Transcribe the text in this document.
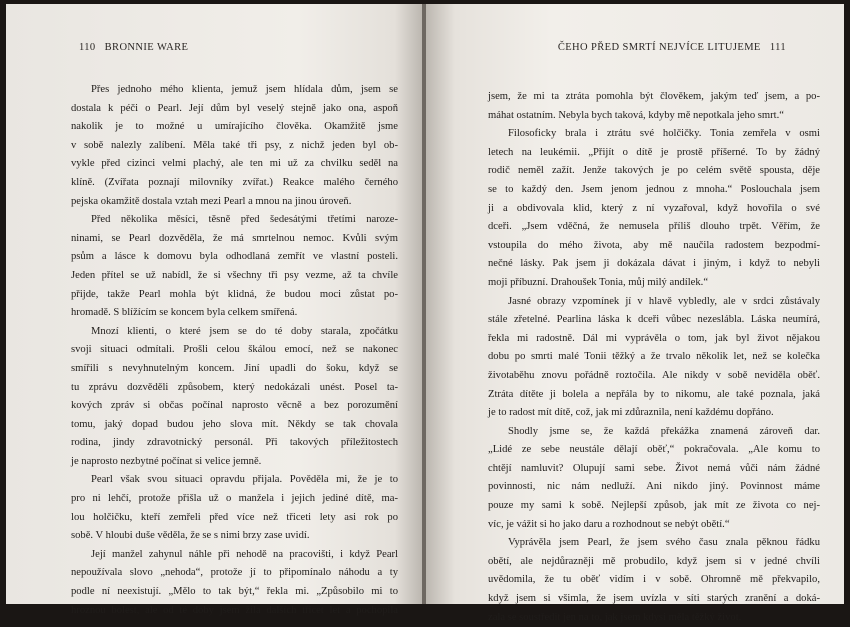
110 BRONNIE WARE
Přes jednoho mého klienta, jemuž jsem hlídala dům, jsem se
dostala k péči o Pearl. Její dům byl veselý stejně jako ona, aspoň
nakolik je to možné u umírajícího člověka. Okamžitě jsme
v sobě nalezly zalíbení. Měla také tři psy, z nichž jeden byl ob-
vykle před cizinci velmi plachý, ale ten mi už za chvilku seděl na
klíně. (Zvířata poznají milovníky zvířat.) Reakce malého černého
pejska okamžitě dostala vztah mezi Pearl a mnou na jinou úroveň.
Před několika měsíci, těsně před šedesátými třetími naroze-
ninami, se Pearl dozvěděla, že má smrtelnou nemoc. Kvůli svým
psům a lásce k domovu byla odhodlaná zemřít ve vlastní posteli.
Jeden přítel se už nabídl, že si všechny tři psy vezme, až ta chvíle
přijde, takže Pearl mohla být klidná, že budou moci zůstat po-
hromadě. S blížícím se koncem byla celkem smířená.
Mnozí klienti, o které jsem se do té doby starala, zpočátku
svoji situaci odmítali. Prošli celou škálou emocí, než se nakonec
smířili s nevyhnutelným koncem. Jiní upadli do šoku, když se
tu zprávu dozvěděli způsobem, který nedokázali unést. Posel ta-
kových zpráv si občas počínal naprosto věcně a bez porozumění
tomu, jaký dopad budou jeho slova mít. Někdy se tak chovala
rodina, jindy zdravotnický personál. Při takových příležitostech
je naprosto nezbytné počínat si velice jemně.
Pearl však svou situaci opravdu přijala. Pověděla mi, že je to
pro ni lehčí, protože přišla už o manžela i jejich jediné dítě, ma-
lou holčičku, kteří zemřeli před více než třiceti lety asi rok po
sobě. V hloubi duše věděla, že se s nimi brzy zase uvidí.
Její manžel zahynul náhle při nehodě na pracovišti, i když Pearl
nepoužívala slovo „nehoda“, protože jí to připomínalo náhodu a ty
podle ní neexistují. „Mělo to tak být,“ řekla mi. „Způsobilo mi to
hroznou bolest, ale od té doby jsem žila dalších třicet let a pochopila
ČEHO PŘED SMRTÍ NEJVÍCE LITUJEME 111
jsem, že mi ta ztráta pomohla být člověkem, jakým teď jsem, a po-
máhat ostatním. Nebyla bych taková, kdyby mě nepotkala jeho smrt.“
Filosoficky brala i ztrátu své holčičky. Tonia zemřela v osmi
letech na leukémii. „Přijít o dítě je prostě příšerné. To by žádný
rodič neměl zažít. Jenže takových je po celém světě spousta, děje
se to každý den. Jsem jenom jednou z mnoha.“ Poslouchala jsem
ji a obdivovala klid, který z ní vyzařoval, když hovořila o své
dceři. „Jsem vděčná, že nemusela příliš dlouho trpět. Věřím, že
vstoupila do mého života, aby mě naučila radostem bezpodmí-
nečné lásky. Pak jsem ji dokázala dávat i jiným, i když to nebyli
moji příbuzní. Drahoušek Tonia, můj milý andílek.“
Jasné obrazy vzpomínek jí v hlavě vybledly, ale v srdci zůstávaly
stále zřetelné. Pearlina láska k dceři vůbec nezeslábla. Láska neumírá,
řekla mi radostně. Dál mi vyprávěla o tom, jak byl život nějakou
dobu po smrti malé Tonii těžký a že trvalo několik let, než se kolečka
životaběhu znovu pořádně roztočila. Ale nikdy v sobě neviděla oběť.
Ztráta dítěte ji bolela a nepřála by to nikomu, ale také poznala, jaká
je to radost mít dítě, což, jak mi zdůraznila, není každému dopřáno.
Shodly jsme se, že každá překážka znamená zároveň dar.
„Lidé ze sebe neustále dělají oběť,“ pokračovala. „Ale komu to
chtějí namluvit? Olupují sami sebe. Život nemá vůči nám žádné
povinnosti, nic nám nedluží. Ani nikdo jiný. Povinnost máme
pouze my sami k sobě. Nejlepší způsob, jak mít ze života co nej-
víc, je vážit si ho jako daru a rozhodnout se nebýt obětí.“
Vyprávěla jsem Pearl, že jsem svého času znala pěknou řádku
obětí, ale nejdůrazněji mě probudilo, když jsem si v jedné chvíli
uvědomila, že tu oběť vidím i v sobě. Ohromně mě překvapilo,
když jsem si všimla, že jsem uvízla v síti starých zranění a doká-
zala se soustředit jen na to, jak jsem kdysi měla těžký život.
